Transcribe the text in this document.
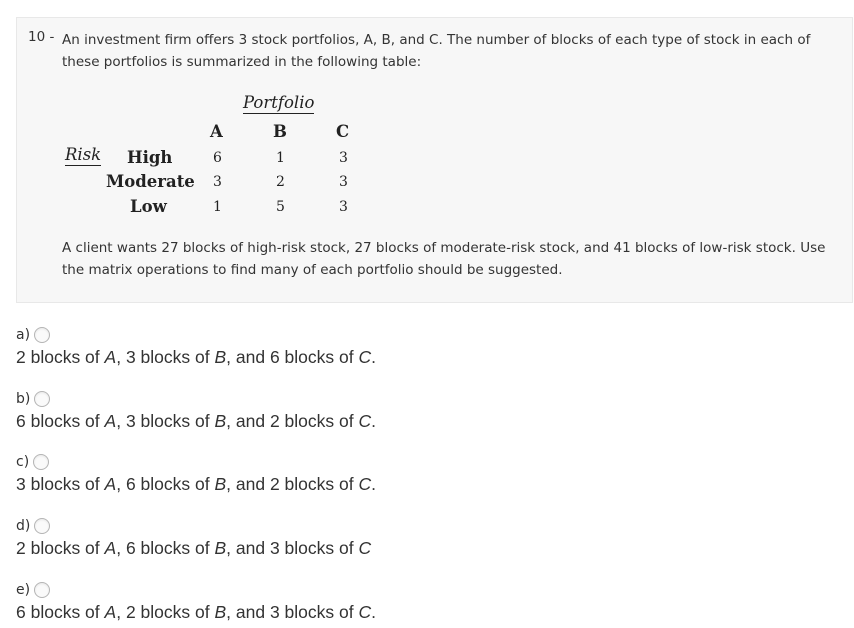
10 - An investment firm offers 3 stock portfolios, A, B, and C. The number of blocks of each type of stock in each of these portfolios is summarized in the following table:
Portfolio
A	B	C
Risk High	6	1	3
Moderate 3	2	3
Low	1	5	3
A client wants 27 blocks of high-risk stock, 27 blocks of moderate-risk stock, and 41 blocks of low-risk stock. Use the matrix operations to find many of each portfolio should be suggested.
a)
2 blocks of A, 3 blocks of B, and 6 blocks of C.
b)
6 blocks of A, 3 blocks of B, and 2 blocks of C.
c)
3 blocks of A, 6 blocks of B, and 2 blocks of C.
d)
2 blocks of A, 6 blocks of B, and 3 blocks of C
e)
6 blocks of A, 2 blocks of B, and 3 blocks of C.
